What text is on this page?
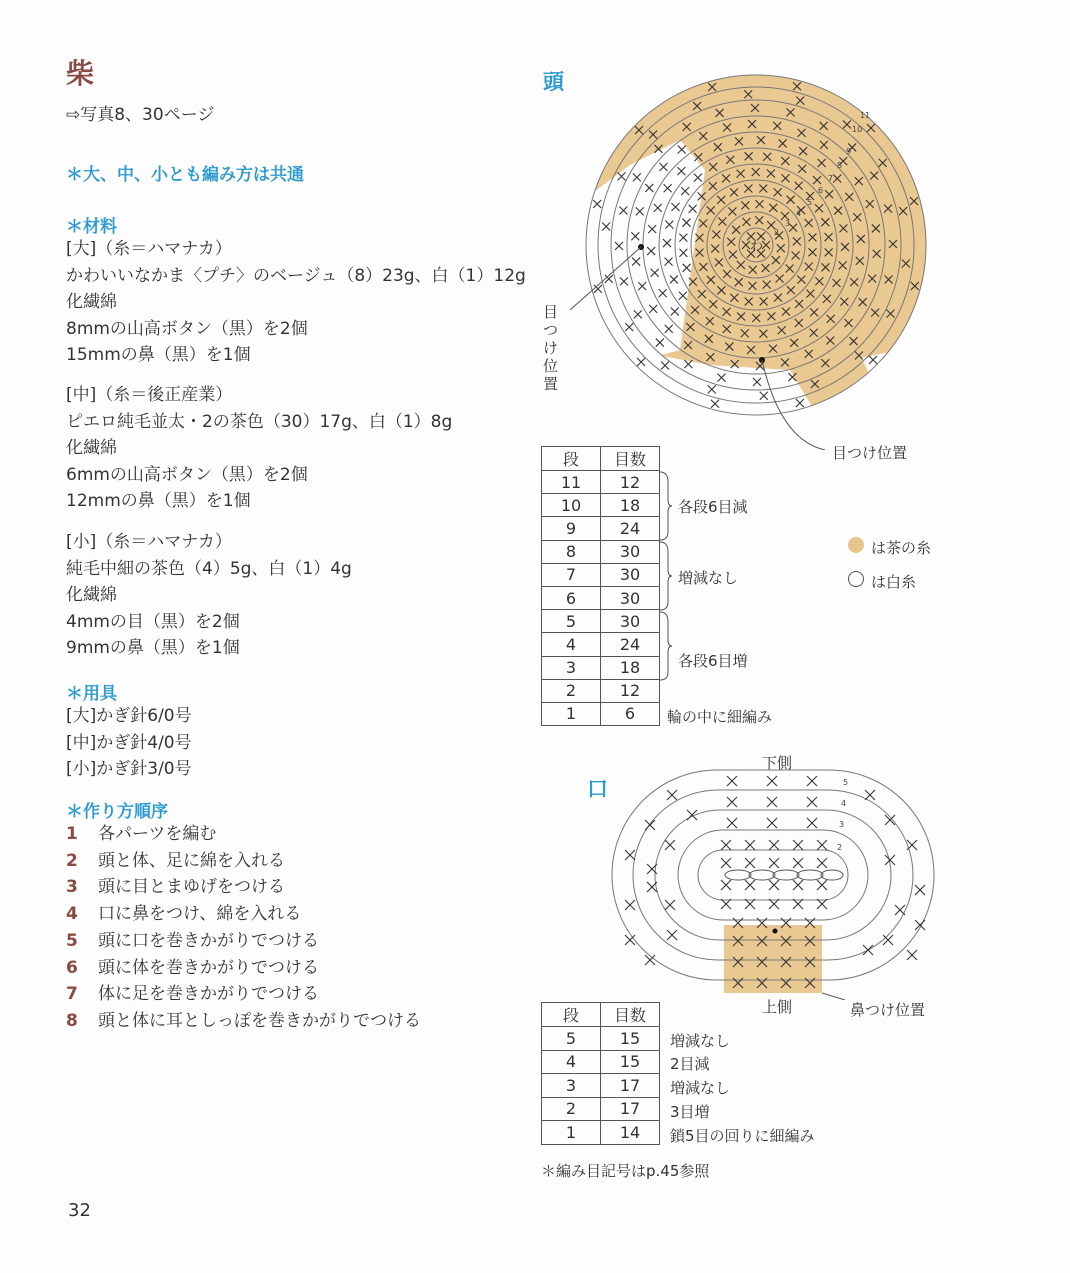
柴
⇨写真8、30ページ
＊大、中、小とも編み方は共通
＊材料
[大]（糸＝ハマナカ）
かわいいなかま〈プチ〉のベージュ（8）23g、白（1）12g
化繊綿
8mmの山高ボタン（黒）を2個
15mmの鼻（黒）を1個
[中]（糸＝後正産業）
ピエロ純毛並太・2の茶色（30）17g、白（1）8g
化繊綿
6mmの山高ボタン（黒）を2個
12mmの鼻（黒）を1個
[小]（糸＝ハマナカ）
純毛中細の茶色（4）5g、白（1）4g
化繊綿
4mmの目（黒）を2個
9mmの鼻（黒）を1個
＊用具
[大]かぎ針6/0号
[中]かぎ針4/0号
[小]かぎ針3/0号
＊作り方順序
1 各パーツを編む
2 頭と体、足に綿を入れる
3 頭に目とまゆげをつける
4 口に鼻をつけ、綿を入れる
5 頭に口を巻きかがりでつける
6 頭に体を巻きかがりでつける
7 体に足を巻きかがりでつける
8 頭と体に耳としっぽを巻きかがりでつける
32
頭
わ
2
3
4
5
6
7
8
9
10
11
目つけ位置
目つけ位置
段	目数
11	12
10	18
9	24
8	30
7	30
6	30
5	30
4	24
3	18
2	12
1	6
各段6目減
増減なし
各段6目増
輪の中に細編み
は茶の糸
は白糸
口
下側
上側	鼻つけ位置
5
4
3
2
段	目数
5	15
4	15
3	17
2	17
1	14
増減なし
2目減
増減なし
3目増
鎖5目の回りに細編み
＊編み目記号はp.45参照
